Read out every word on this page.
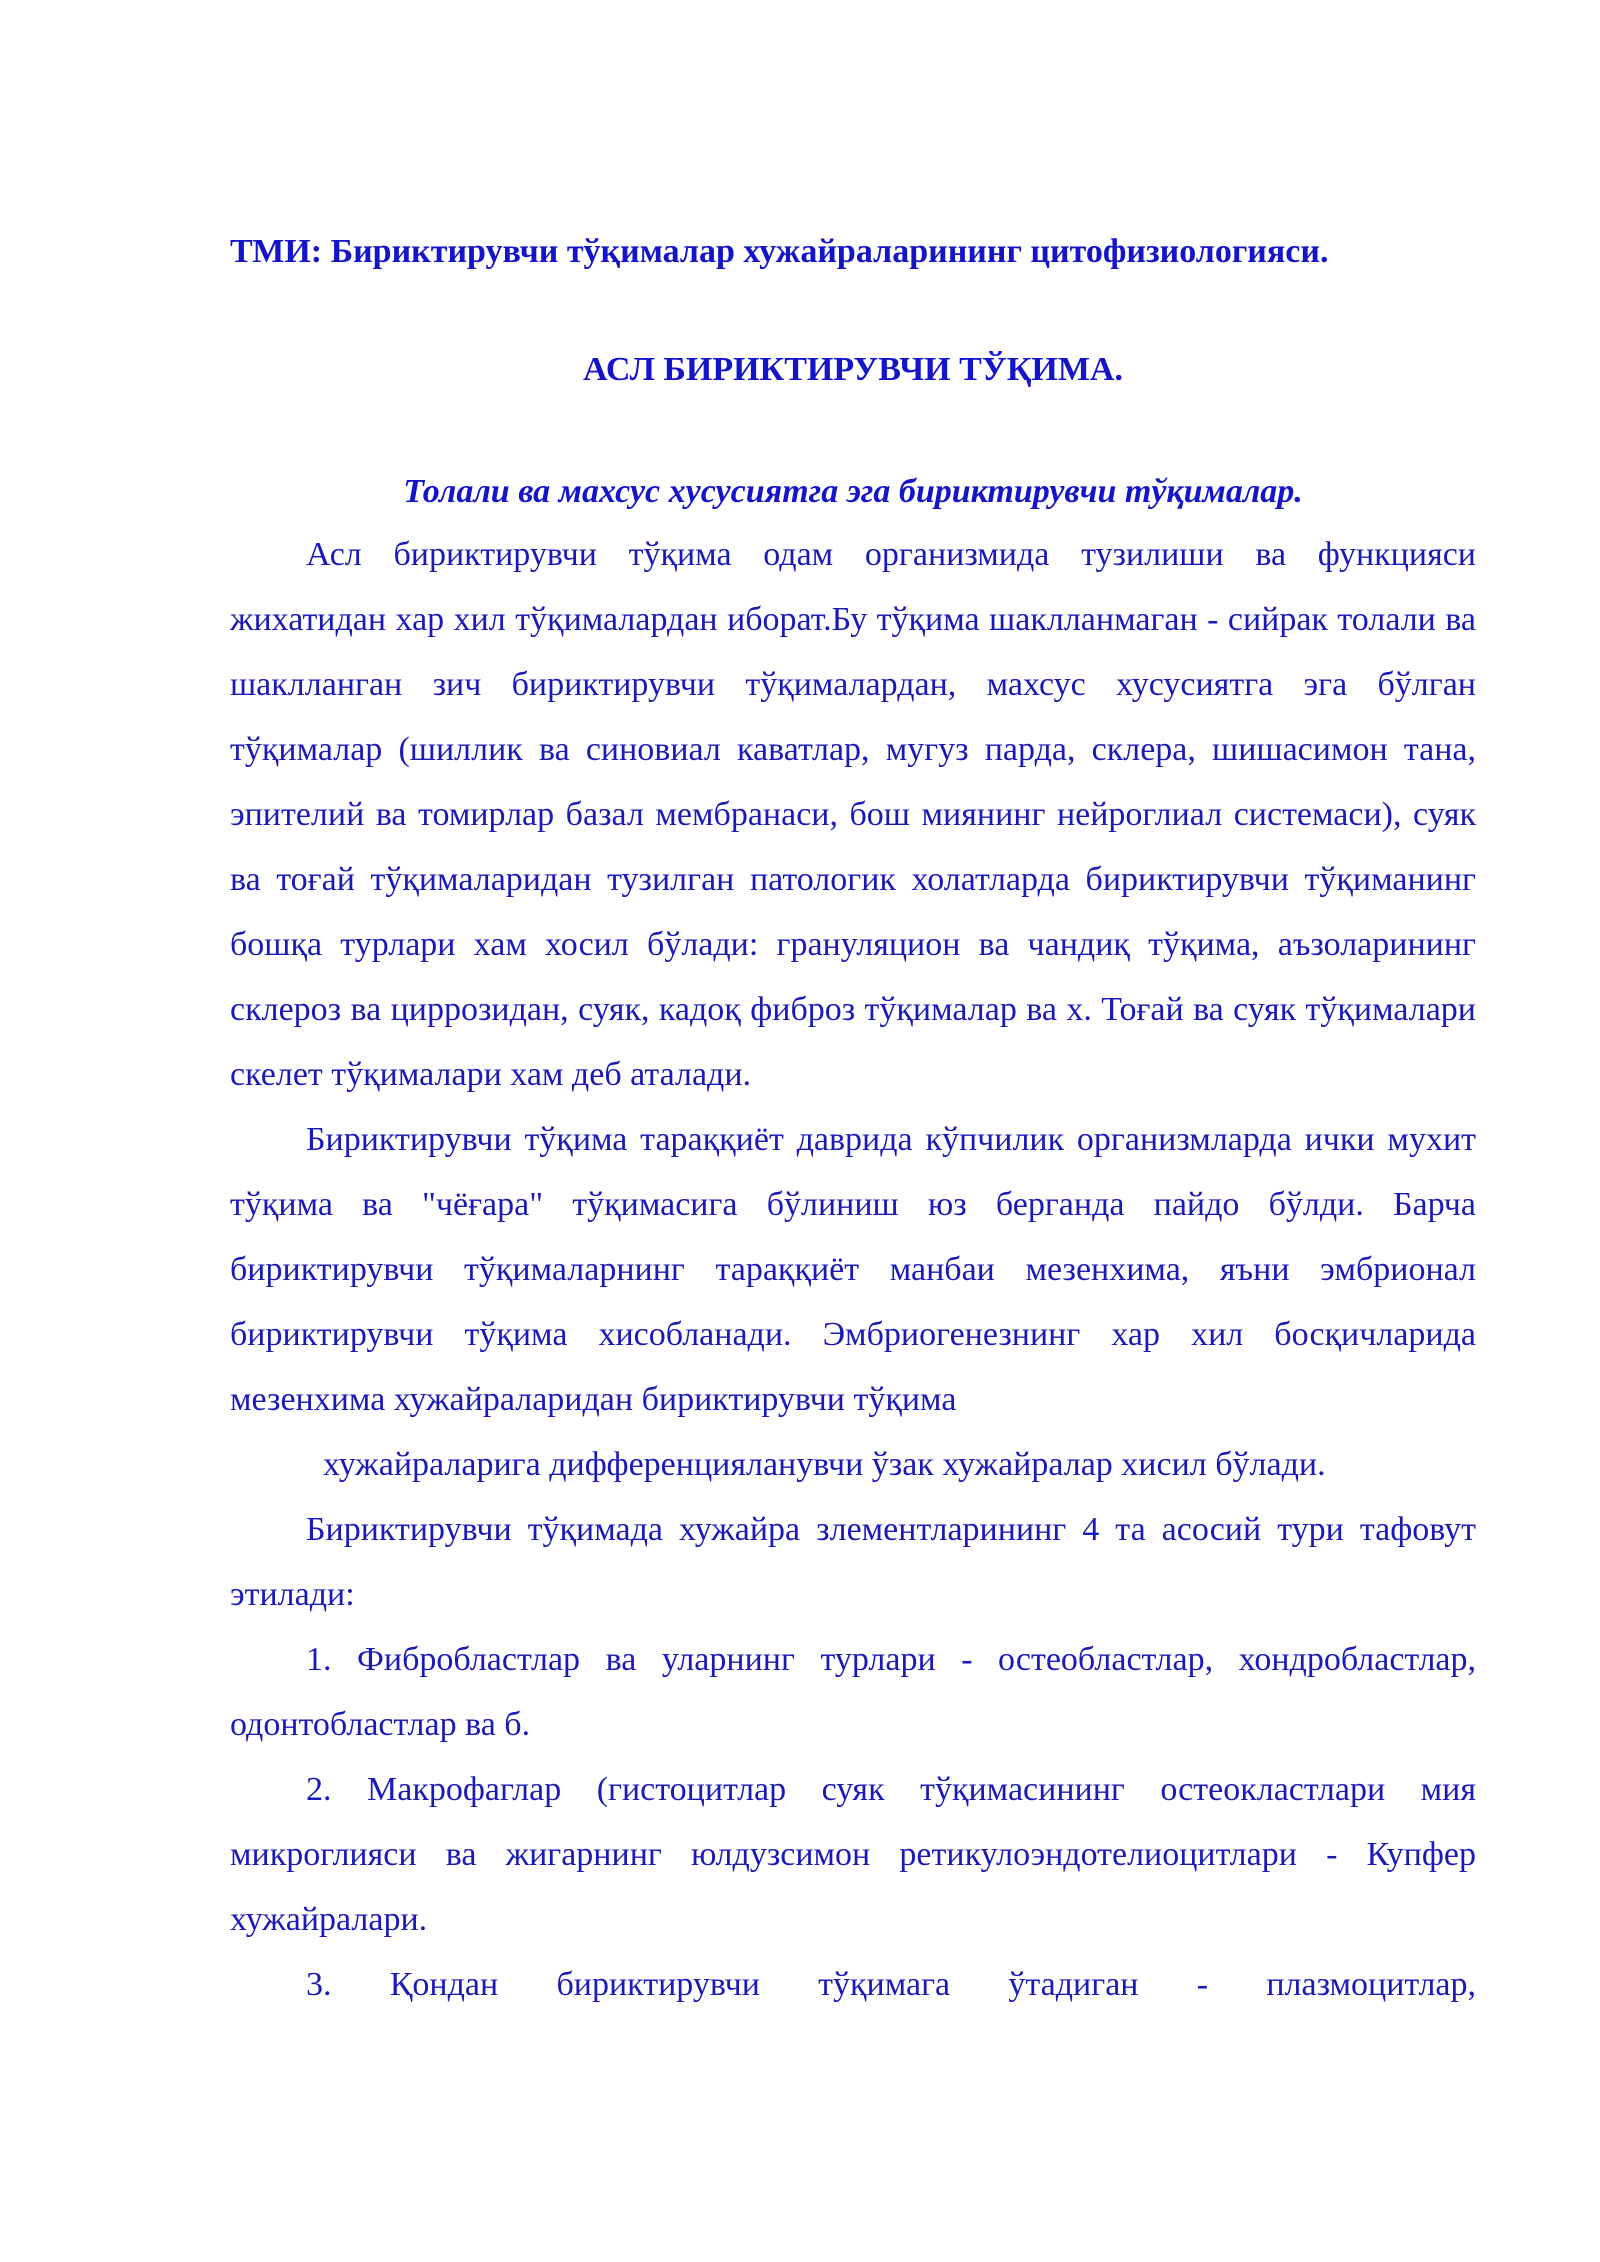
ТМИ: Бириктирувчи тўқималар хужайраларининг цитофизиологияси.

АСЛ БИРИКТИРУВЧИ ТЎҚИМА.

Толали ва махсус хусусиятга эга бириктирувчи тўқималар.

Асл бириктирувчи тўқима одам организмида тузилиши ва функцияси жихатидан хар хил тўқималардан иборат.Бу тўқима шаклланмаган - сийрак толали ва шаклланган зич бириктирувчи тўқималардан, махсус хусусиятга эга бўлган тўқималар (шиллик ва синовиал каватлар, мугуз парда, склера, шишасимон тана, эпителий ва томирлар базал мембранаси, бош миянинг нейроглиал системаси), суяк ва тоғай тўқималаридан тузилган патологик холатларда бириктирувчи тўқиманинг бошқа турлари хам хосил бўлади: грануляцион ва чандиқ тўқима, аъзоларининг склероз ва циррозидан, суяк, кадоқ фиброз тўқималар ва х. Тоғай ва суяк тўқималари скелет тўқималари хам деб аталади.

Бириктирувчи тўқима тараққиёт даврида кўпчилик организмларда ички мухит тўқима ва "чёғара" тўқимасига бўлиниш юз берганда пайдо бўлди. Барча бириктирувчи тўқималарнинг тараққиёт манбаи мезенхима, яъни эмбрионал бириктирувчи тўқима хисобланади. Эмбриогенезнинг хар хил босқичларида мезенхима хужайраларидан бириктирувчи тўқима

хужайраларига дифференцияланувчи ўзак хужайралар хисил бўлади.

Бириктирувчи тўқимада хужайра злементларининг 4 та асосий тури тафовут этилади:

1. Фибробластлар ва уларнинг турлари - остеобластлар, хондробластлар, одонтобластлар ва б.

2. Макрофаглар (гистоцитлар суяк тўқимасининг остеокластлари мия микроглияси ва жигарнинг юлдузсимон ретикулоэндотелиоцитлари - Купфер хужайралари.

3. Қондан бириктирувчи тўқимага ўтадиган - плазмоцитлар,
